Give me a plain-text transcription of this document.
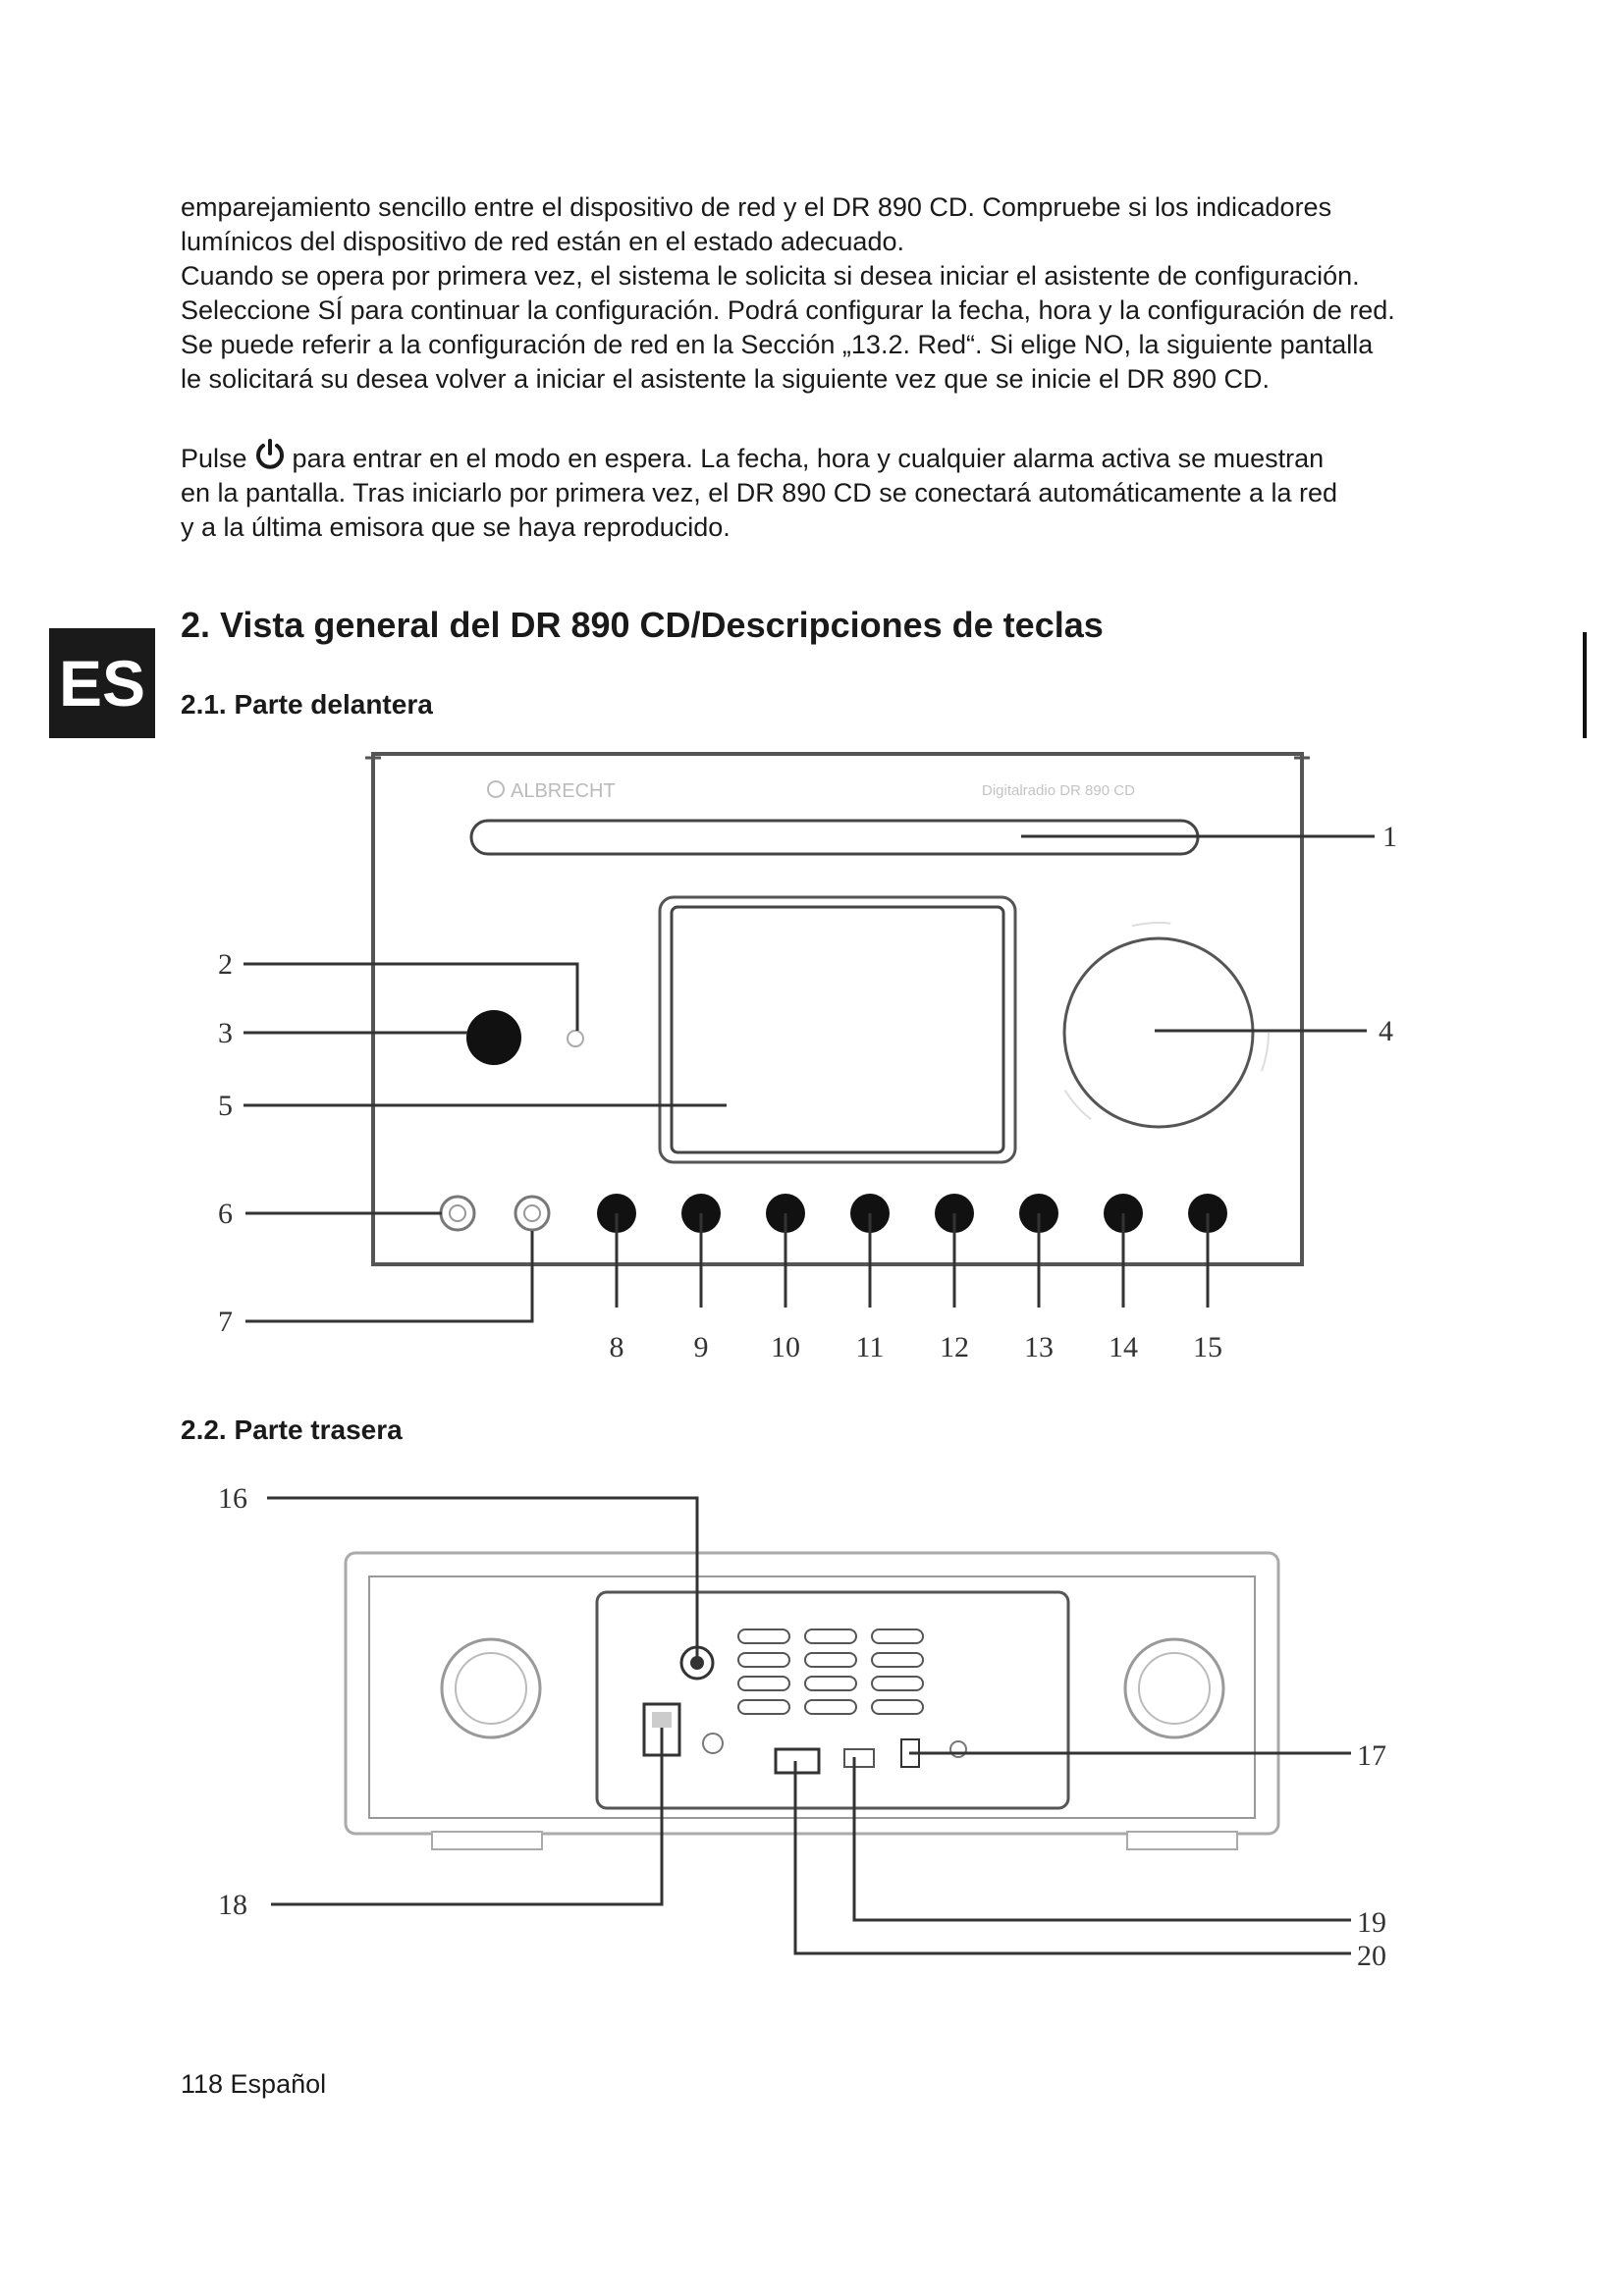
emparejamiento sencillo entre el dispositivo de red y el DR 890 CD. Compruebe si los indicadores

lumínicos del dispositivo de red están en el estado adecuado.

Cuando se opera por primera vez, el sistema le solicita si desea iniciar el asistente de configuración.

Seleccione SÍ para continuar la configuración. Podrá configurar la fecha, hora y la configuración de red.

Se puede referir a la configuración de red en la Sección „13.2. Red“. Si elige NO, la siguiente pantalla

le solicitará su desea volver a iniciar el asistente la siguiente vez que se inicie el DR 890 CD.

Pulse para entrar en el modo en espera. La fecha, hora y cualquier alarma activa se muestran

en la pantalla. Tras iniciarlo por primera vez, el DR 890 CD se conectará automáticamente a la red

y a la última emisora que se haya reproducido.

ES
2. Vista general del DR 890 CD/Descripciones de teclas
2.1. Parte delantera
2.2. Parte trasera
ALBRECHT	Digitalradio DR 890 CD
1
2
3	4
5
6
7
8 9 10 11 12 13 14 15
16
17
18
19
20
118 Español
